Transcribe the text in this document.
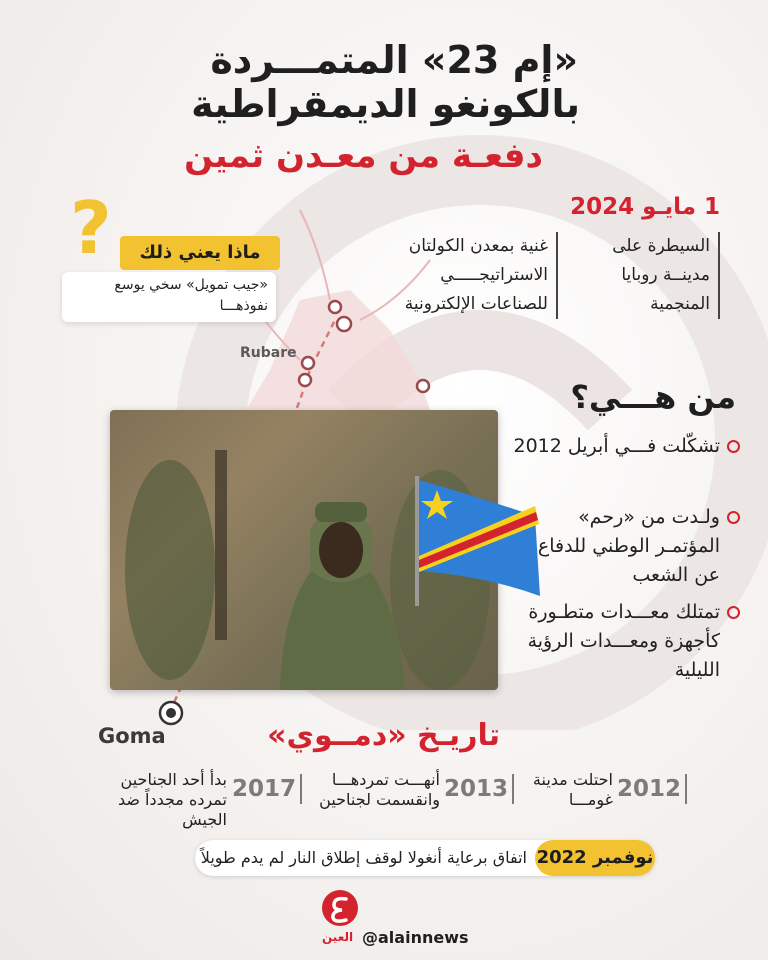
Rubare
«إم 23» المتمـــردة
بالكونغو الديمقراطية
دفعـة من معـدن ثمين
1 مايـو 2024
السيطرة على مدينــة روبايا المنجمية
غنية بمعدن الكولتان الاستراتيجـــــي للصناعات الإلكترونية
?	ماذا يعني ذلك
«جيب تمويل» سخي يوسع نفوذهـــا
من هـــي؟
تشكّلت فـــي أبريل 2012
ولـدت من «رحم» المؤتمـر الوطني للدفاع عن الشعب
تمتلك معـــدات متطـورة كأجهزة ومعـــدات الرؤية الليلية
Goma	تاريـخ «دمــوي»
2012
احتلت مدينة غومـــا
2013
أنهـــت تمردهـــا وانقسمت لجناحين
2017
بدأ أحد الجناحين تمرده مجدداً ضد الجيش
نوفمبر 2022
اتفاق برعاية أنغولا لوقف إطلاق النار لم يدم طويلاً
العين @alainnews
